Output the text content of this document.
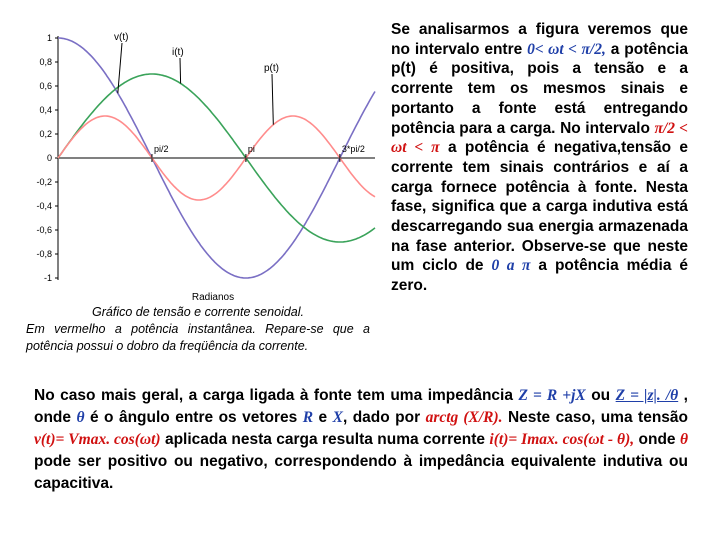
1
0,8
0,6
0,4
0,2
0
-0,2
-0,4
-0,6
-0,8
-1
pi/2	pi	3*pi/2
v(t)
i(t)
p(t)
Radianos
Gráfico de tensão e corrente senoidal.
Em vermelho a potência instantânea. Repare-se que a potência possui o dobro da freqüência da corrente.
Se analisarmos a figura veremos que no intervalo entre 0< ωt < π/2, a potência p(t) é positiva, pois a tensão e a corrente tem os mesmos sinais e portanto a fonte está entregando potência para a carga. No intervalo π/2 < ωt < π a potência é negativa,tensão e corrente tem sinais contrários e aí a carga fornece potência à fonte. Nesta fase, significa que a carga indutiva está descarregando sua energia armazenada na fase anterior. Observe-se que neste um ciclo de 0 a π a potência média é zero.
No caso mais geral, a carga ligada à fonte tem uma impedância Z = R +jX ou Z = |z|. /θ , onde θ é o ângulo entre os vetores R e X, dado por arctg (X/R). Neste caso, uma tensão v(t)= Vmax. cos(ωt) aplicada nesta carga resulta numa corrente i(t)= Imax. cos(ωt - θ), onde θ pode ser positivo ou negativo, correspondendo à impedância equivalente indutiva ou capacitiva.
